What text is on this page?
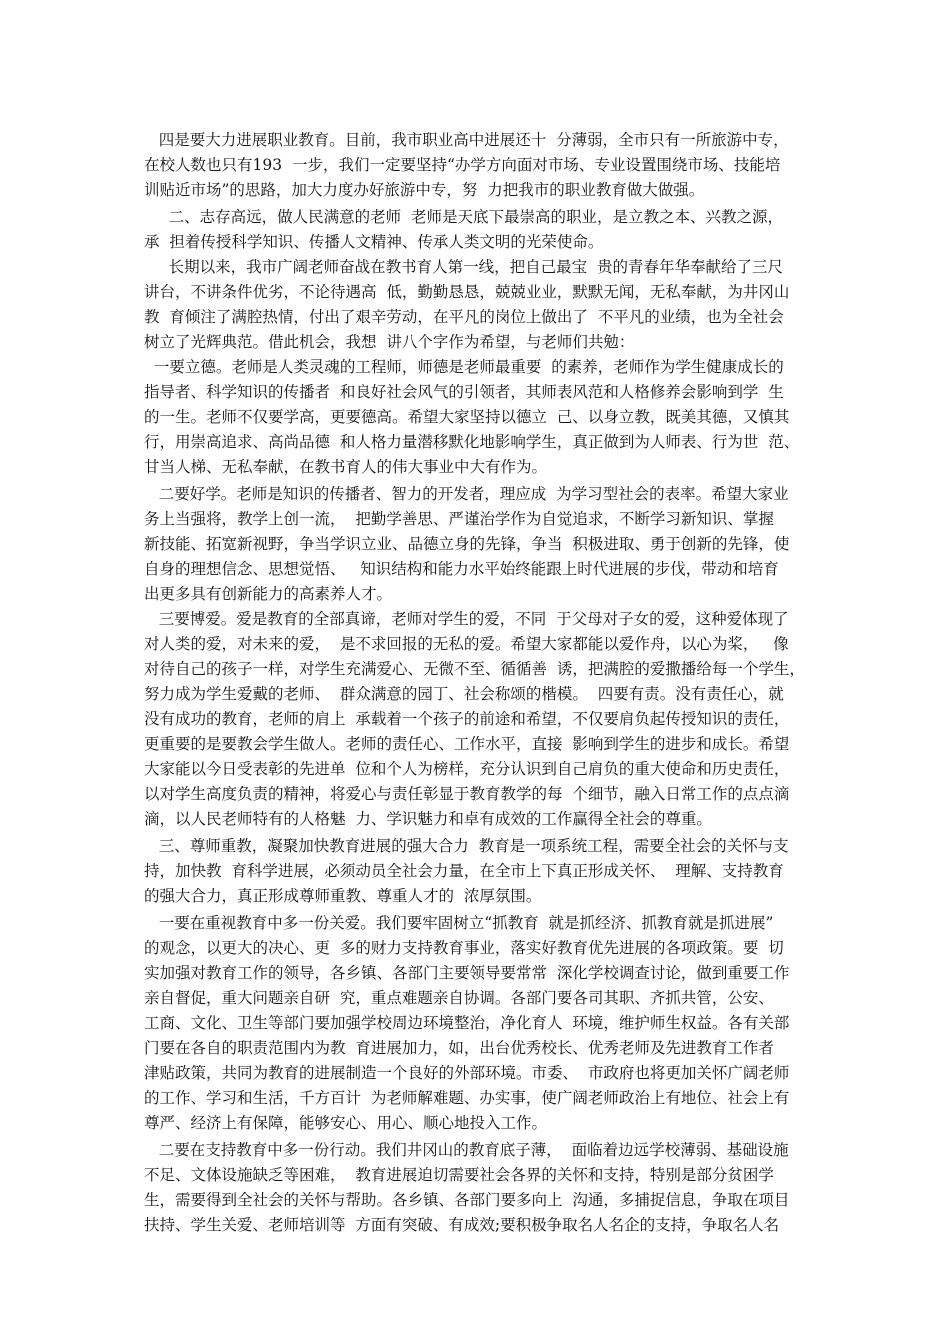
四是要大力进展职业教育。目前，我市职业高中进展还十  分薄弱，全市只有一所旅游中专，

在校人数也只有193  一步，我们一定要坚持“办学方向面对市场、专业设置围绕市场、技能培

训贴近市场”的思路，加大力度办好旅游中专，努  力把我市的职业教育做大做强。

二、志存高远，做人民满意的老师  老师是天底下最崇高的职业，是立教之本、兴教之源，

承  担着传授科学知识、传播人文精神、传承人类文明的光荣使命。

长期以来，我市广阔老师奋战在教书育人第一线，把自己最宝  贵的青春年华奉献给了三尺

讲台，不讲条件优劣，不论待遇高  低，勤勤恳恳，兢兢业业，默默无闻，无私奉献，为井冈山

教  育倾注了满腔热情，付出了艰辛劳动，在平凡的岗位上做出了  不平凡的业绩，也为全社会

树立了光辉典范。借此机会，我想  讲八个字作为希望，与老师们共勉：

一要立德。老师是人类灵魂的工程师，师德是老师最重要  的素养，老师作为学生健康成长的

指导者、科学知识的传播者  和良好社会风气的引领者，其师表风范和人格修养会影响到学  生

的一生。老师不仅要学高，更要德高。希望大家坚持以德立  己、以身立教，既美其德，又慎其

行，用崇高追求、高尚品德  和人格力量潜移默化地影响学生，真正做到为人师表、行为世  范、

甘当人梯、无私奉献，在教书育人的伟大事业中大有作为。

二要好学。老师是知识的传播者、智力的开发者，理应成  为学习型社会的表率。希望大家业

务上当强将，教学上创一流，  把勤学善思、严谨治学作为自觉追求，不断学习新知识、掌握

新技能、拓宽新视野，争当学识立业、品德立身的先锋，争当  积极进取、勇于创新的先锋，使

自身的理想信念、思想觉悟、   知识结构和能力水平始终能跟上时代进展的步伐，带动和培育

出更多具有创新能力的高素养人才。

三要博爱。爱是教育的全部真谛，老师对学生的爱，不同  于父母对子女的爱，这种爱体现了

对人类的爱，对未来的爱，  是不求回报的无私的爱。希望大家都能以爱作舟，以心为桨，   像

对待自己的孩子一样，对学生充满爱心、无微不至、循循善  诱，把满腔的爱撒播给每一个学生，

努力成为学生爱戴的老师、  群众满意的园丁、社会称颂的楷模。  四要有责。没有责任心，就

没有成功的教育，老师的肩上  承载着一个孩子的前途和希望，不仅要肩负起传授知识的责任，

更重要的是要教会学生做人。老师的责任心、工作水平，直接  影响到学生的进步和成长。希望

大家能以今日受表彰的先进单  位和个人为榜样，充分认识到自己肩负的重大使命和历史责任，

以对学生高度负责的精神，将爱心与责任彰显于教育教学的每  个细节，融入日常工作的点点滴

滴，以人民老师特有的人格魅  力、学识魅力和卓有成效的工作赢得全社会的尊重。

三、尊师重教，凝聚加快教育进展的强大合力  教育是一项系统工程，需要全社会的关怀与支

持，加快教  育科学进展，必须动员全社会力量，在全市上下真正形成关怀、  理解、支持教育

的强大合力，真正形成尊师重教、尊重人才的  浓厚氛围。

一要在重视教育中多一份关爱。我们要牢固树立“抓教育  就是抓经济、抓教育就是抓进展”

的观念，以更大的决心、更  多的财力支持教育事业，落实好教育优先进展的各项政策。要  切

实加强对教育工作的领导，各乡镇、各部门主要领导要常常  深化学校调查讨论，做到重要工作

亲自督促，重大问题亲自研  究，重点难题亲自协调。各部门要各司其职、齐抓共管，公安、

工商、文化、卫生等部门要加强学校周边环境整治，净化育人  环境，维护师生权益。各有关部

门要在各自的职责范围内为教  育进展加力，如，出台优秀校长、优秀老师及先进教育工作者

津贴政策，共同为教育的进展制造一个良好的外部环境。市委、  市政府也将更加关怀广阔老师

的工作、学习和生活，千方百计  为老师解难题、办实事，使广阔老师政治上有地位、社会上有

尊严、经济上有保障，能够安心、用心、顺心地投入工作。

二要在支持教育中多一份行动。我们井冈山的教育底子薄，  面临着边远学校薄弱、基础设施

不足、文体设施缺乏等困难，  教育进展迫切需要社会各界的关怀和支持，特别是部分贫困学

生，需要得到全社会的关怀与帮助。各乡镇、各部门要多向上  沟通，多捕捉信息，争取在项目

扶持、学生关爱、老师培训等  方面有突破、有成效;要积极争取名人名企的支持，争取名人名
